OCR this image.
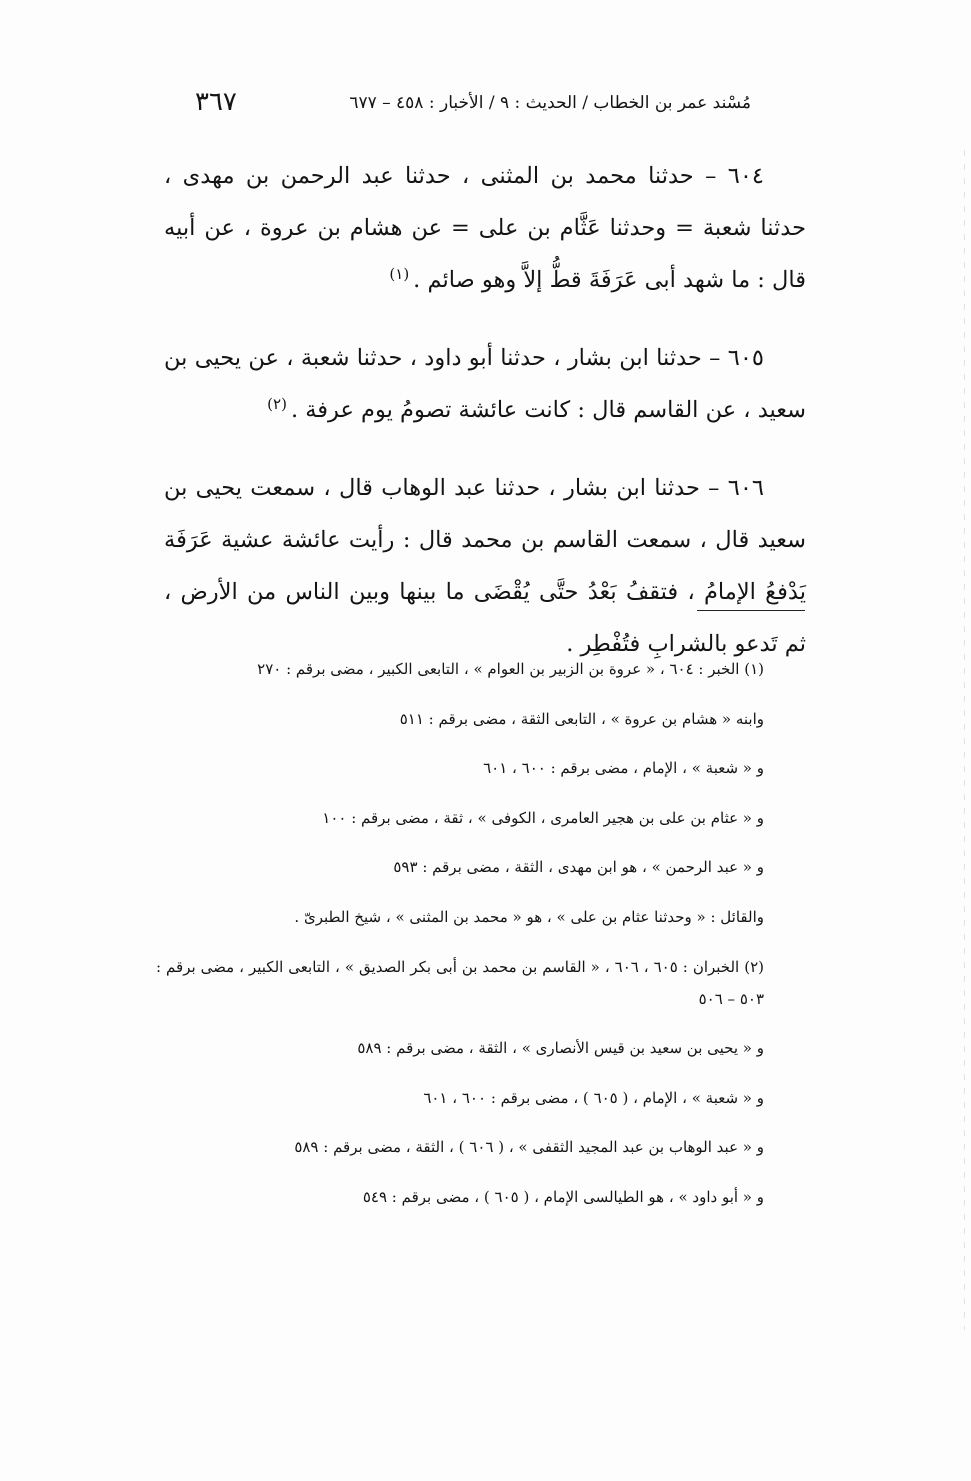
٣٦٧	مُسْند عمر بن الخطاب / الحديث : ٩ / الأخبار : ٤٥٨ – ٦٧٧

٦٠٤ – حدثنا محمد بن المثنى ، حدثنا عبد الرحمن بن مهدى ، حدثنا شعبة = وحدثنا عَثَّام بن على = عن هشام بن عروة ، عن أبيه قال : ما شهد أبى عَرَفَةَ قطُّ إلاَّ وهو صائم .$^{(١)}$

٦٠٥ – حدثنا ابن بشار ، حدثنا أبو داود ، حدثنا شعبة ، عن يحيى بن سعيد ، عن القاسم قال : كانت عائشة تصومُ يوم عرفة .$^{(٢)}$

٦٠٦ – حدثنا ابن بشار ، حدثنا عبد الوهاب قال ، سمعت يحيى بن سعيد قال ، سمعت القاسم بن محمد قال : رأيت عائشة عشية عَرَفَة يَدْفعُ الإمامُ ، فتقفُ بَعْدُ حتَّى يُقْضَى ما بينها وبين الناس من الأرض ، ثم تَدعو بالشرابِ فتُفْطِر .

(١) الخبر : ٦٠٤ ، « عروة بن الزبير بن العوام » ، التابعى الكبير ، مضى برقم : ٢٧٠

وابنه « هشام بن عروة » ، التابعى الثقة ، مضى برقم : ٥١١

و « شعبة » ، الإمام ، مضى برقم : ٦٠٠ ، ٦٠١

و « عثام بن على بن هجير العامرى ، الكوفى » ، ثقة ، مضى برقم : ١٠٠

و « عبد الرحمن » ، هو ابن مهدى ، الثقة ، مضى برقم : ٥٩٣

والقائل : « وحدثنا عثام بن على » ، هو « محمد بن المثنى » ، شيخ الطبرىّ .

(٢) الخبران : ٦٠٥ ، ٦٠٦ ، « القاسم بن محمد بن أبى بكر الصديق » ، التابعى الكبير ، مضى برقم : ٥٠٣ – ٥٠٦

و « يحيى بن سعيد بن قيس الأنصارى » ، الثقة ، مضى برقم : ٥٨٩

و « شعبة » ، الإمام ، ( ٦٠٥ ) ، مضى برقم : ٦٠٠ ، ٦٠١

و « عبد الوهاب بن عبد المجيد الثقفى » ، ( ٦٠٦ ) ، الثقة ، مضى برقم : ٥٨٩

و « أبو داود » ، هو الطيالسى الإمام ، ( ٦٠٥ ) ، مضى برقم : ٥٤٩
